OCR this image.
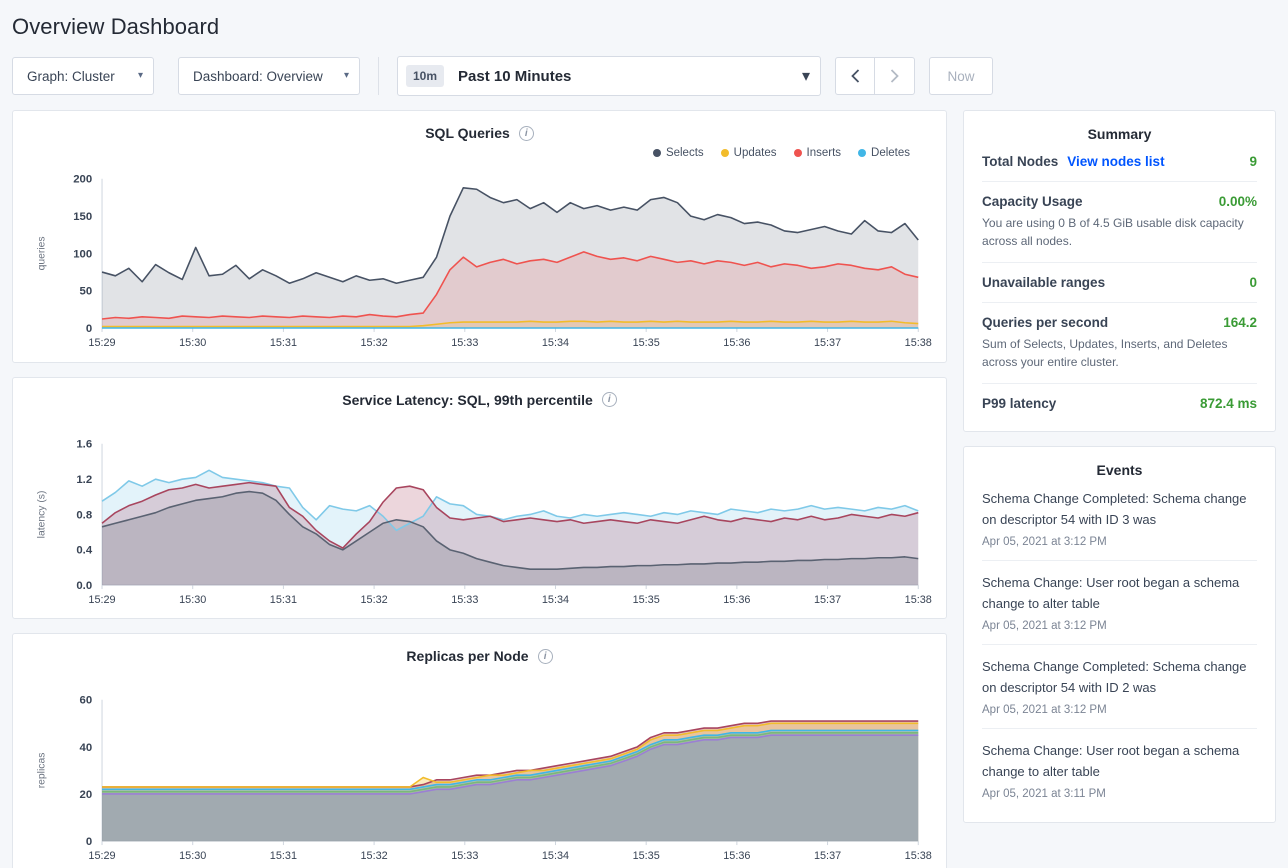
Overview Dashboard
Graph: Cluster ▾	Dashboard: Overview ▾	10m	Past 10 Minutes	▾	Now
SQL Queries	i
Selects	Updates	Inserts	Deletes
200
150
100
50
0
queries
15:29	15:30	15:31	15:32	15:33	15:34	15:35	15:36	15:37	15:38
Service Latency: SQL, 99th percentile	i
1.6
1.2
0.8
0.4
0.0
latency (s)
15:29	15:30	15:31	15:32	15:33	15:34	15:35	15:36	15:37	15:38
Replicas per Node	i
60
40
20
0
replicas
15:29	15:30	15:31	15:32	15:33	15:34	15:35	15:36	15:37	15:38
Summary
Total Nodes View nodes list	9
Capacity Usage	0.00%
You are using 0 B of 4.5 GiB usable disk capacity across all nodes.
Unavailable ranges	0
Queries per second	164.2
Sum of Selects, Updates, Inserts, and Deletes across your entire cluster.
P99 latency	872.4 ms
Events
Schema Change Completed: Schema change on descriptor 54 with ID 3 was
Apr 05, 2021 at 3:12 PM
Schema Change: User root began a schema change to alter table
Apr 05, 2021 at 3:12 PM
Schema Change Completed: Schema change on descriptor 54 with ID 2 was
Apr 05, 2021 at 3:12 PM
Schema Change: User root began a schema change to alter table
Apr 05, 2021 at 3:11 PM
